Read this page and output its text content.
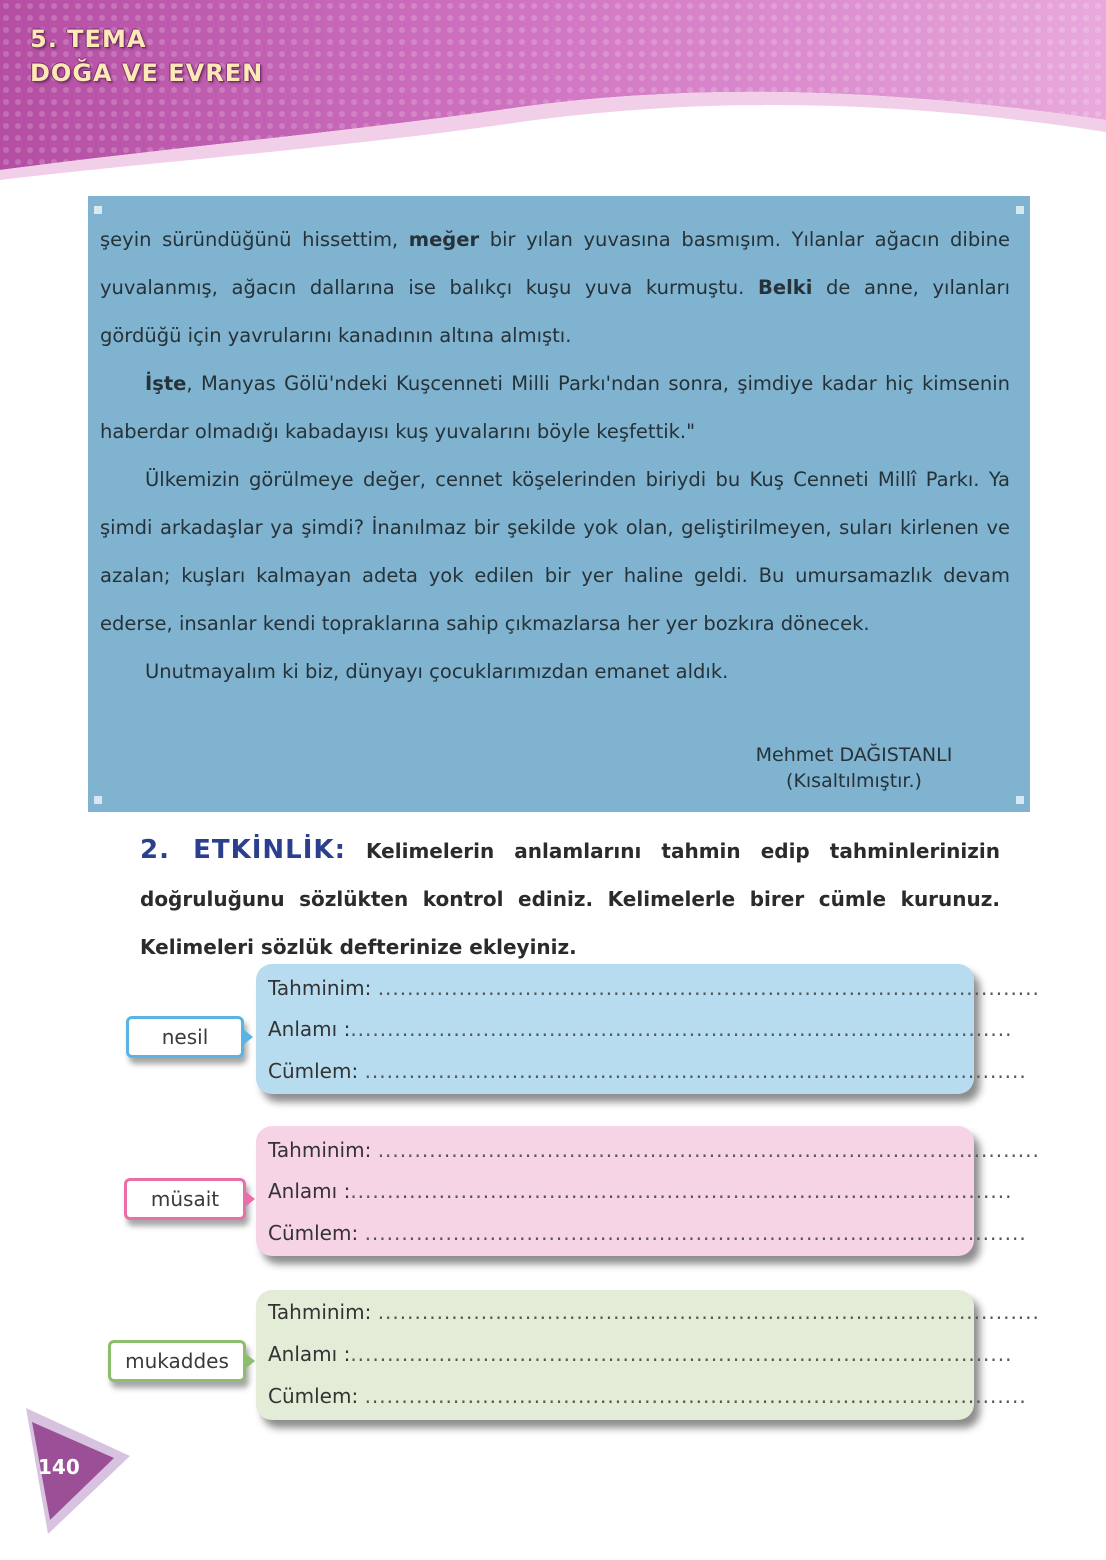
5. TEMA
DOĞA VE EVREN

şeyin süründüğünü hissettim, meğer bir yılan yuvasına basmışım. Yılanlar ağacın dibine yuvalanmış, ağacın dallarına ise balıkçı kuşu yuva kurmuştu. Belki de anne, yılanları gördüğü için yavrularını kanadının altına almıştı.

İşte, Manyas Gölü'ndeki Kuşcenneti Milli Parkı'ndan sonra, şimdiye kadar hiç kimsenin haberdar olmadığı kabadayısı kuş yuvalarını böyle keşfettik."

Ülkemizin görülmeye değer, cennet köşelerinden biriydi bu Kuş Cenneti Millî Parkı. Ya şimdi arkadaşlar ya şimdi? İnanılmaz bir şekilde yok olan, geliştirilmeyen, suları kirlenen ve azalan; kuşları kalmayan adeta yok edilen bir yer haline geldi. Bu umursamazlık devam ederse, insanlar kendi topraklarına sahip çıkmazlarsa her yer bozkıra dönecek.

Unutmayalım ki biz, dünyayı çocuklarımızdan emanet aldık.

Mehmet DAĞISTANLI
(Kısaltılmıştır.)
2. ETKİNLİK: Kelimelerin anlamlarını tahmin edip tahminlerinizin doğruluğunu sözlükten kontrol ediniz. Kelimelerle birer cümle kurunuz. Kelimeleri sözlük defterinize ekleyiniz.
nesil
Tahminim: ..........................................................................................
Anlamı :..........................................................................................
Cümlem: ..........................................................................................
müsait
Tahminim: ..........................................................................................
Anlamı :..........................................................................................
Cümlem: ..........................................................................................
mukaddes
Tahminim: ..........................................................................................
Anlamı :..........................................................................................
Cümlem: ..........................................................................................
140
